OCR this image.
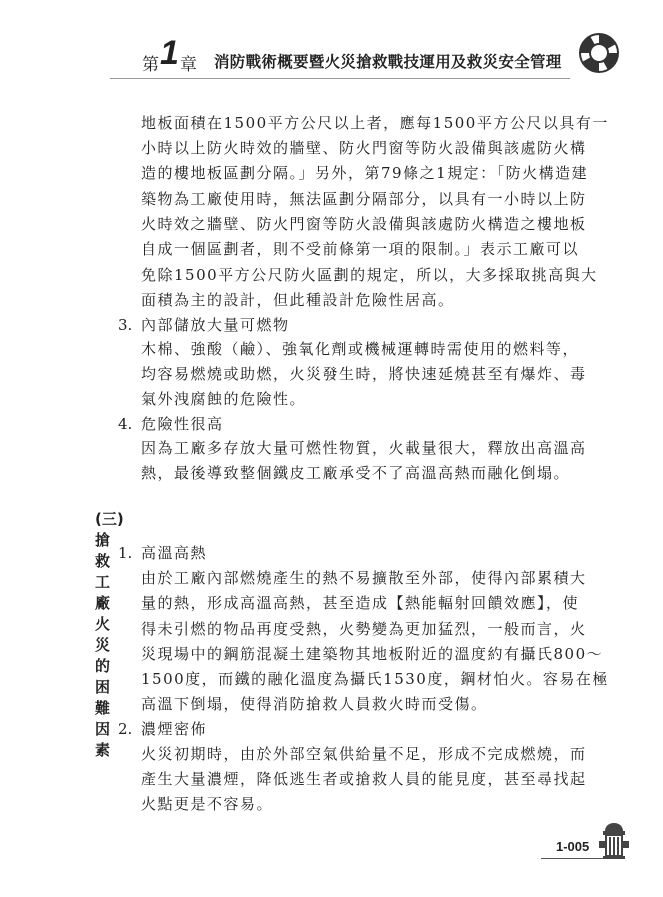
第 1 章 消防戰術概要暨火災搶救戰技運用及救災安全管理
地板面積在1500平方公尺以上者，應每1500平方公尺以具有一
小時以上防火時效的牆壁、防火門窗等防火設備與該處防火構
造的樓地板區劃分隔。」另外，第79條之1規定：「防火構造建
築物為工廠使用時，無法區劃分隔部分，以具有一小時以上防
火時效之牆壁、防火門窗等防火設備與該處防火構造之樓地板
自成一個區劃者，則不受前條第一項的限制。」表示工廠可以
免除1500平方公尺防火區劃的規定，所以，大多採取挑高與大
面積為主的設計，但此種設計危險性居高。
3. 內部儲放大量可燃物
木棉、強酸（鹼）、強氧化劑或機械運轉時需使用的燃料等，
均容易燃燒或助燃，火災發生時，將快速延燒甚至有爆炸、毒
氣外洩腐蝕的危險性。
4. 危險性很高
因為工廠多存放大量可燃性物質，火載量很大，釋放出高溫高
熱，最後導致整個鐵皮工廠承受不了高溫高熱而融化倒塌。
(三)搶救工廠火災的困難因素
1. 高溫高熱
由於工廠內部燃燒產生的熱不易擴散至外部，使得內部累積大
量的熱，形成高溫高熱，甚至造成【熱能輻射回饋效應】，使
得未引燃的物品再度受熱，火勢變為更加猛烈，一般而言，火
災現場中的鋼筋混凝土建築物其地板附近的溫度約有攝氏800～
1500度，而鐵的融化溫度為攝氏1530度，鋼材怕火。容易在極
高溫下倒塌，使得消防搶救人員救火時而受傷。
2. 濃煙密佈
火災初期時，由於外部空氣供給量不足，形成不完成燃燒，而
產生大量濃煙，降低逃生者或搶救人員的能見度，甚至尋找起
火點更是不容易。
1-005
